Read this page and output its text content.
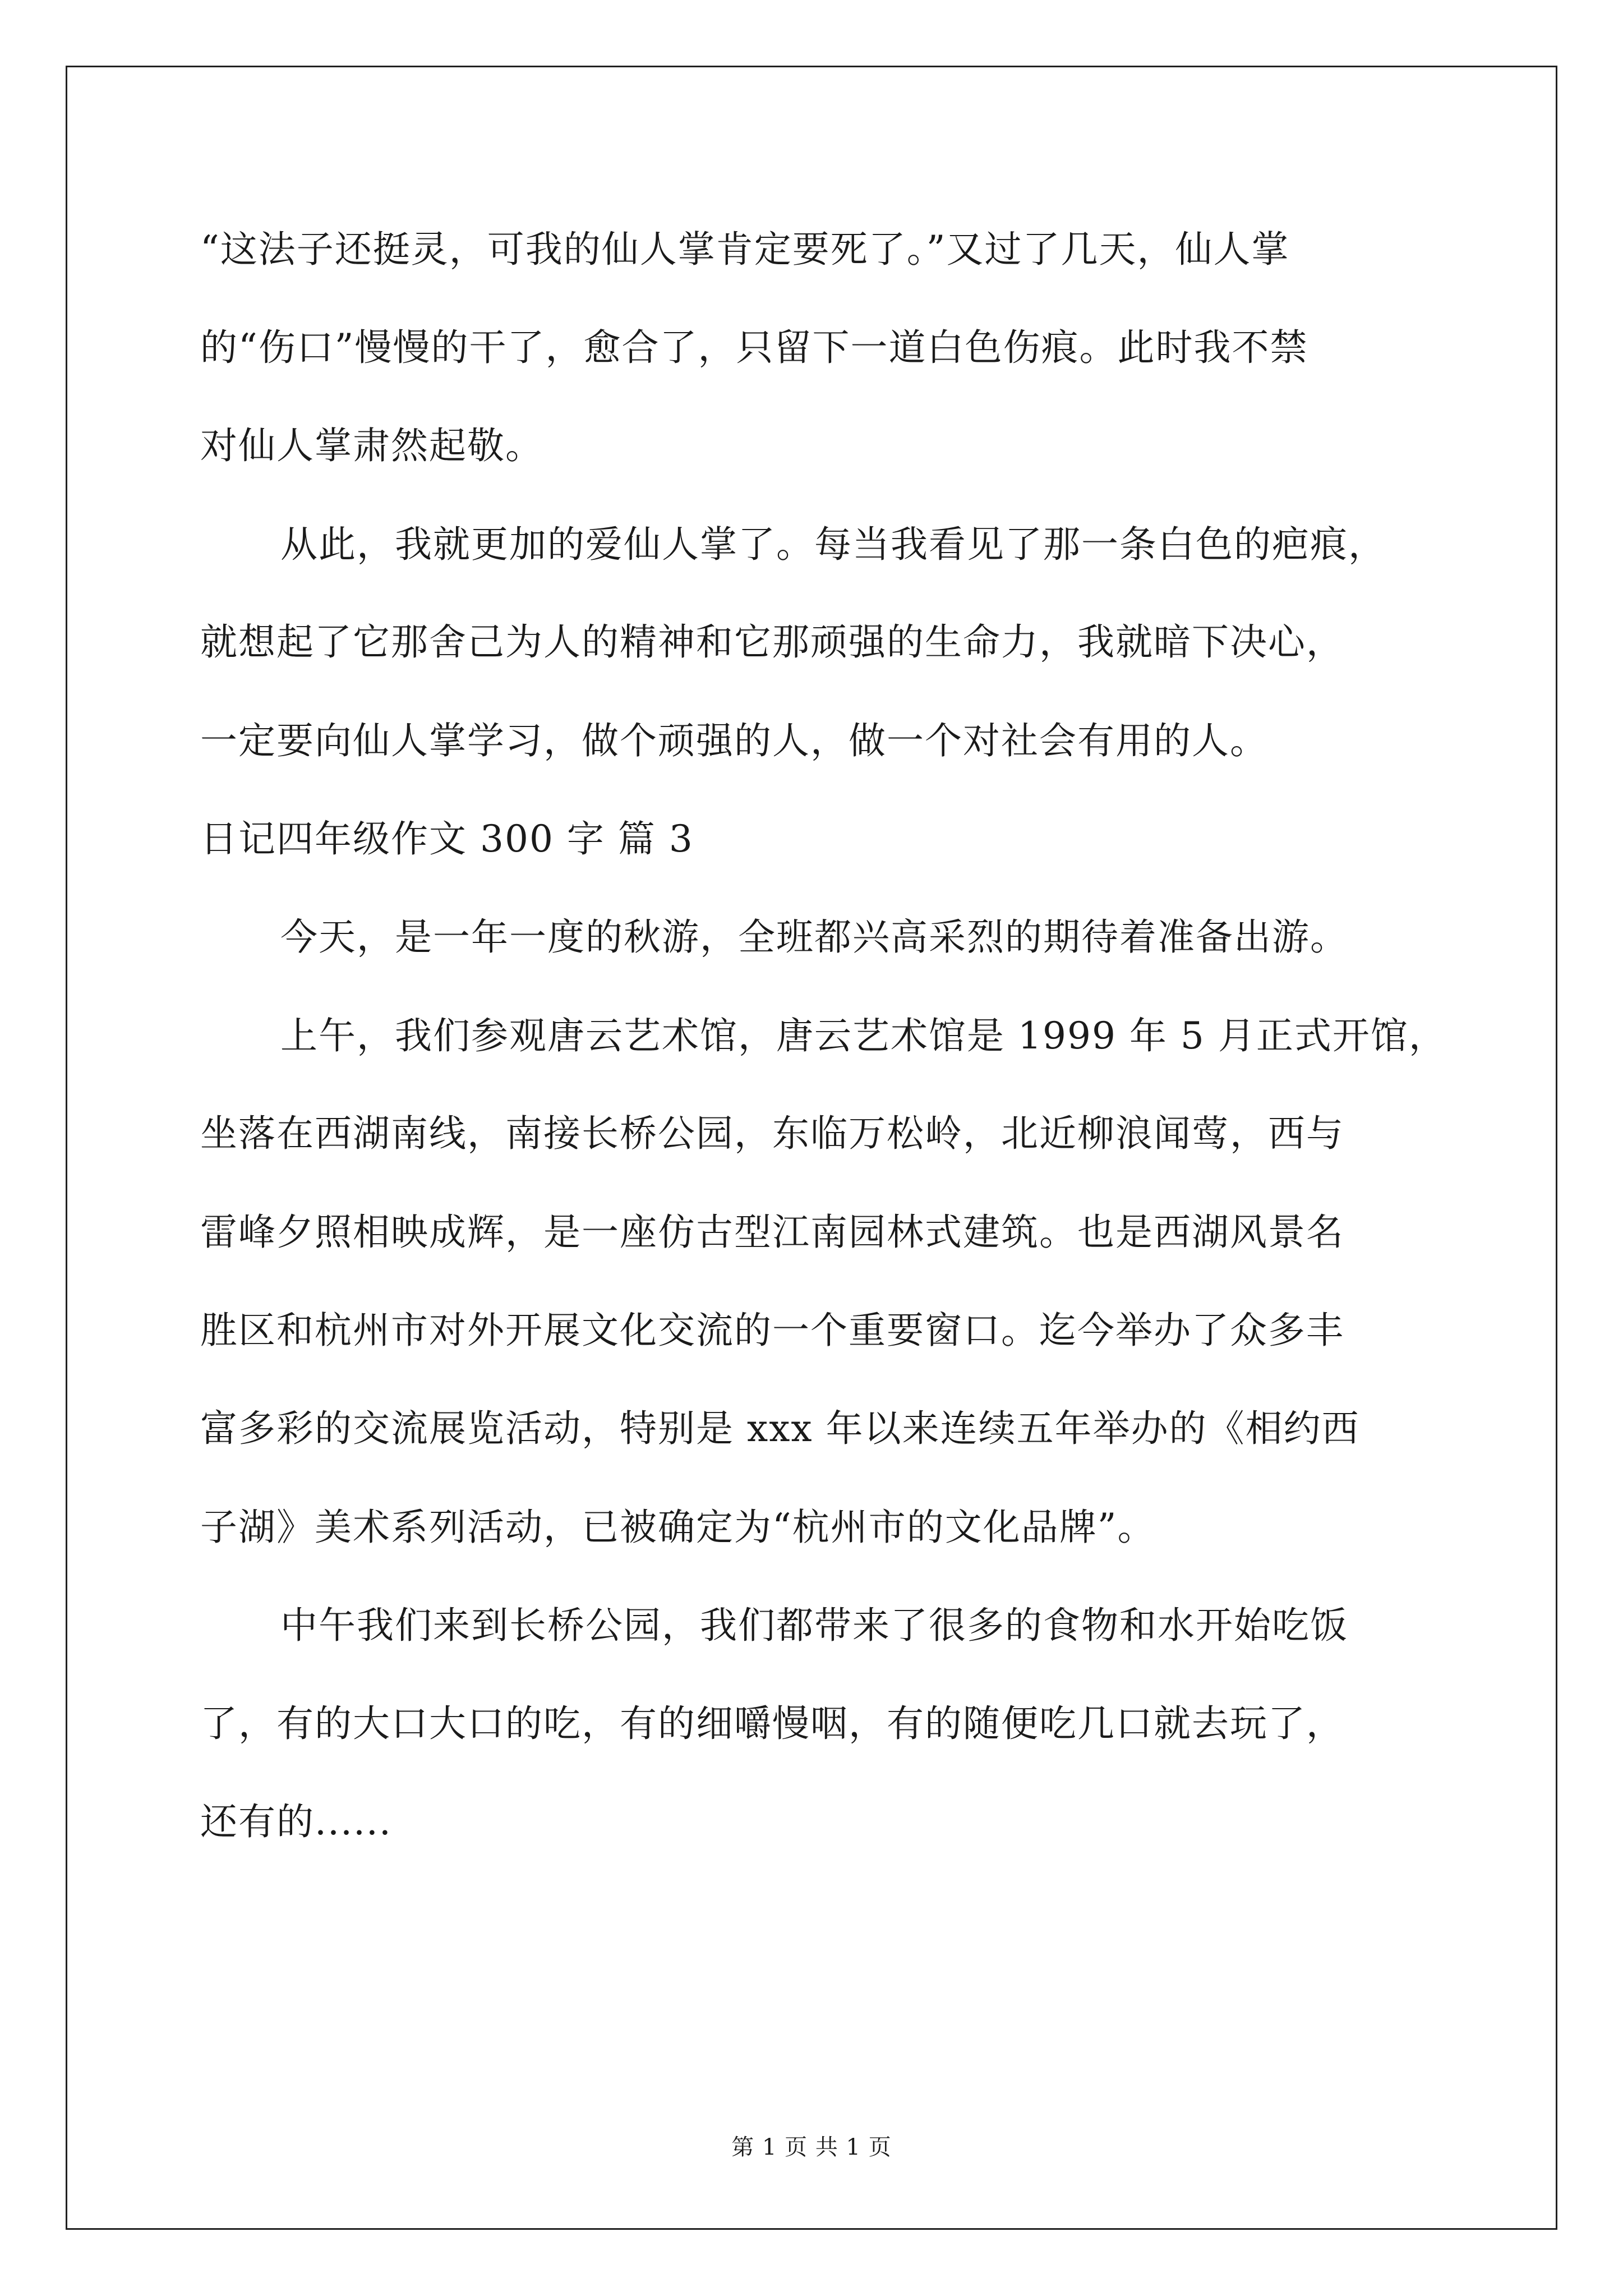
“这法子还挺灵，可我的仙人掌肯定要死了。”又过了几天，仙人掌
的“伤口”慢慢的干了，愈合了，只留下一道白色伤痕。此时我不禁
对仙人掌肃然起敬。
从此，我就更加的爱仙人掌了。每当我看见了那一条白色的疤痕，
就想起了它那舍己为人的精神和它那顽强的生命力，我就暗下决心，
一定要向仙人掌学习，做个顽强的人，做一个对社会有用的人。
日记四年级作文 300 字 篇 3
今天，是一年一度的秋游，全班都兴高采烈的期待着准备出游。
上午，我们参观唐云艺术馆，唐云艺术馆是 1999 年 5 月正式开馆，
坐落在西湖南线，南接长桥公园，东临万松岭，北近柳浪闻莺，西与
雷峰夕照相映成辉，是一座仿古型江南园林式建筑。也是西湖风景名
胜区和杭州市对外开展文化交流的一个重要窗口。迄今举办了众多丰
富多彩的交流展览活动，特别是 xxx 年以来连续五年举办的《相约西
子湖》美术系列活动，已被确定为“杭州市的文化品牌”。
中午我们来到长桥公园，我们都带来了很多的食物和水开始吃饭
了，有的大口大口的吃，有的细嚼慢咽，有的随便吃几口就去玩了，
还有的......
第 1 页 共 1 页
